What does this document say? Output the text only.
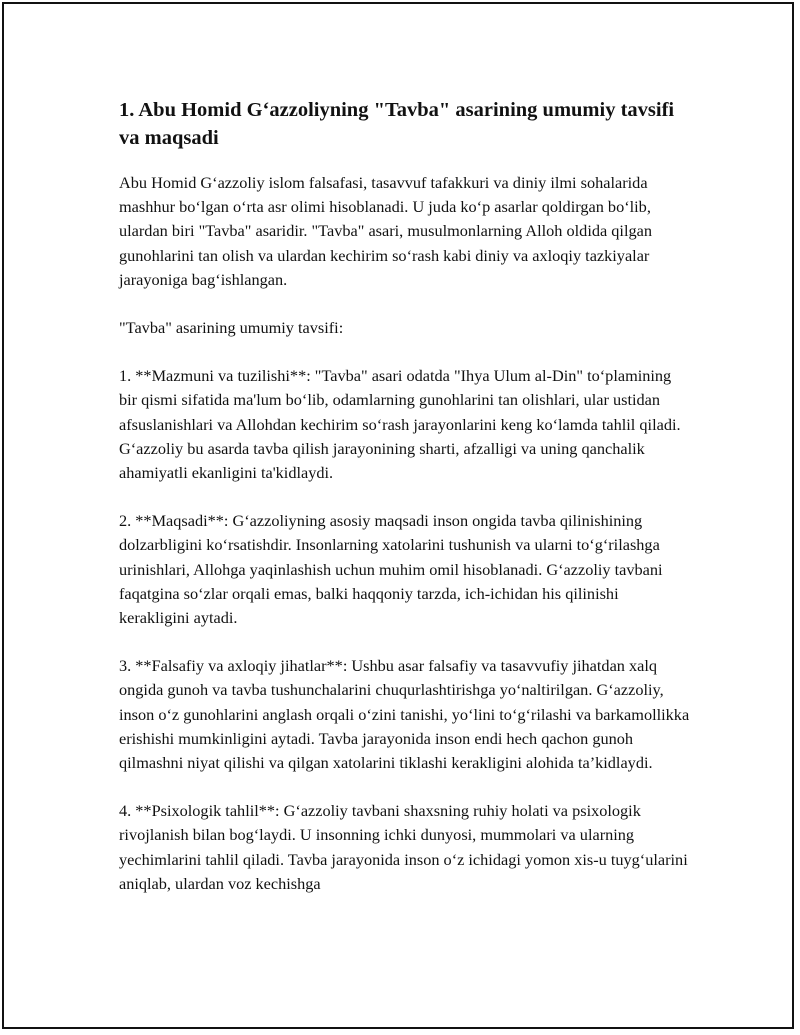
1. Abu Homid G‘azzoliyning "Tavba" asarining umumiy tavsifi va maqsadi

Abu Homid G‘azzoliy islom falsafasi, tasavvuf tafakkuri va diniy ilmi sohalarida mashhur bo‘lgan o‘rta asr olimi hisoblanadi. U juda ko‘p asarlar qoldirgan bo‘lib, ulardan biri "Tavba" asaridir. "Tavba" asari, musulmonlarning Alloh oldida qilgan gunohlarini tan olish va ulardan kechirim so‘rash kabi diniy va axloqiy tazkiyalar jarayoniga bag‘ishlangan.

"Tavba" asarining umumiy tavsifi:

1. **Mazmuni va tuzilishi**: "Tavba" asari odatda "Ihya Ulum al-Din" to‘plamining bir qismi sifatida ma'lum bo‘lib, odamlarning gunohlarini tan olishlari, ular ustidan afsuslanishlari va Allohdan kechirim so‘rash jarayonlarini keng ko‘lamda tahlil qiladi. G‘azzoliy bu asarda tavba qilish jarayonining sharti, afzalligi va uning qanchalik ahamiyatli ekanligini ta'kidlaydi.

2. **Maqsadi**: G‘azzoliyning asosiy maqsadi inson ongida tavba qilinishining dolzarbligini ko‘rsatishdir. Insonlarning xatolarini tushunish va ularni to‘g‘rilashga urinishlari, Allohga yaqinlashish uchun muhim omil hisoblanadi. G‘azzoliy tavbani faqatgina so‘zlar orqali emas, balki haqqoniy tarzda, ich-ichidan his qilinishi kerakligini aytadi.

3. **Falsafiy va axloqiy jihatlar**: Ushbu asar falsafiy va tasavvufiy jihatdan xalq ongida gunoh va tavba tushunchalarini chuqurlashtirishga yo‘naltirilgan. G‘azzoliy, inson o‘z gunohlarini anglash orqali o‘zini tanishi, yo‘lini to‘g‘rilashi va barkamollikka erishishi mumkinligini aytadi. Tavba jarayonida inson endi hech qachon gunoh qilmashni niyat qilishi va qilgan xatolarini tiklashi kerakligini alohida ta’kidlaydi.

4. **Psixologik tahlil**: G‘azzoliy tavbani shaxsning ruhiy holati va psixologik rivojlanish bilan bog‘laydi. U insonning ichki dunyosi, mummolari va ularning yechimlarini tahlil qiladi. Tavba jarayonida inson o‘z ichidagi yomon xis-u tuyg‘ularini aniqlab, ulardan voz kechishga
